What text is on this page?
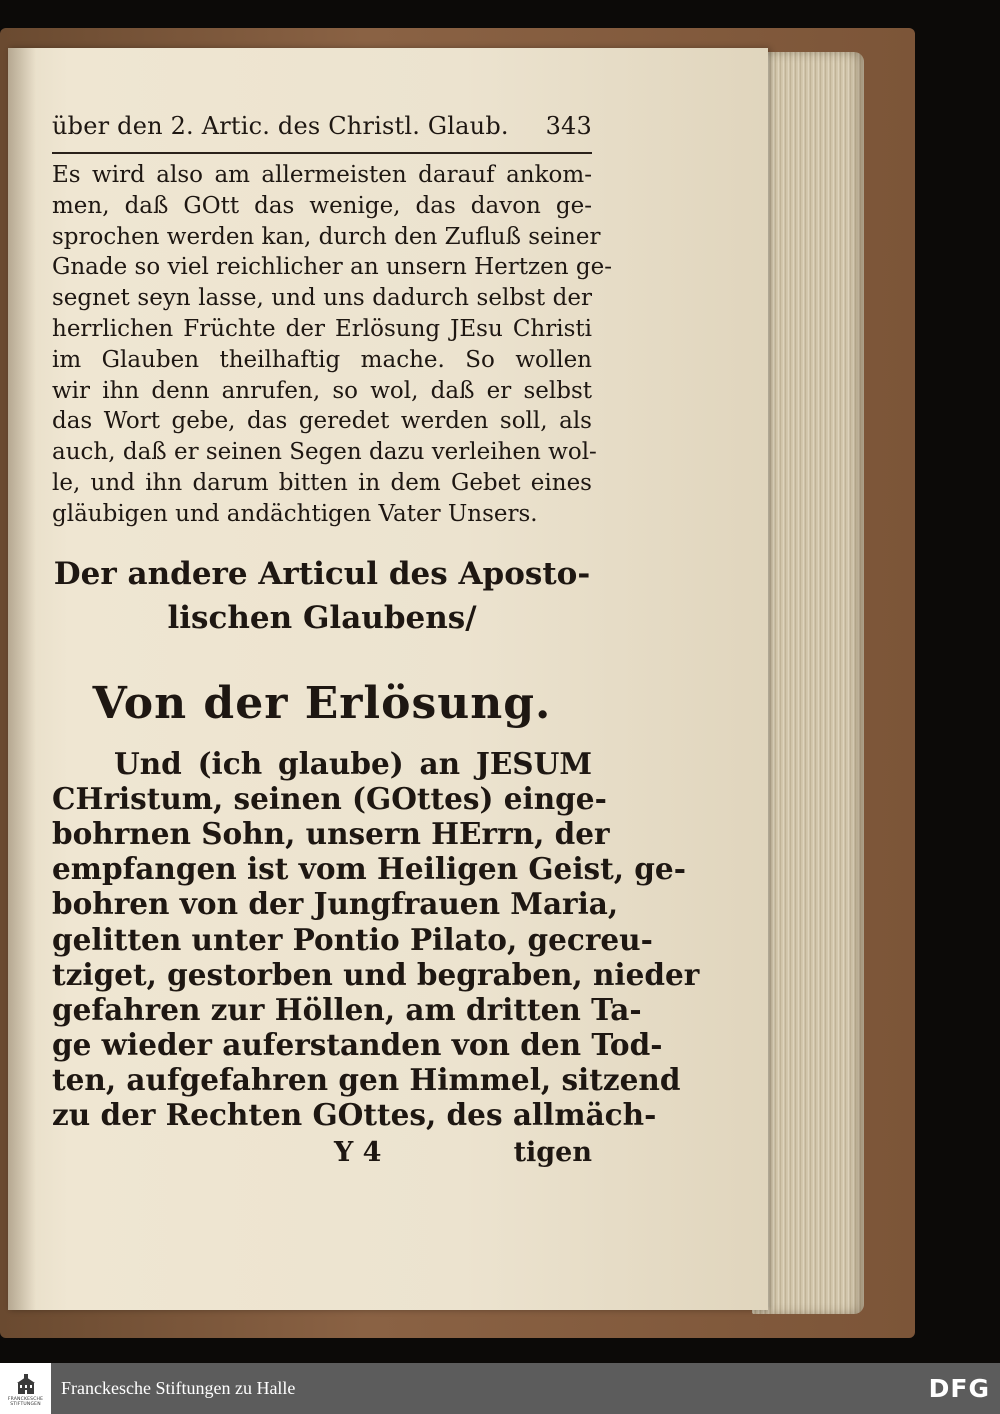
über den 2. Artic. des Christl. Glaub. 343
Es wird also am allermeisten darauf ankom-
men, daß GOtt das wenige, das davon ge-
sprochen werden kan, durch den Zufluß seiner
Gnade so viel reichlicher an unsern Hertzen ge-
segnet seyn lasse, und uns dadurch selbst der
herrlichen Früchte der Erlösung JEsu Christi
im Glauben theilhaftig mache. So wollen
wir ihn denn anrufen, so wol, daß er selbst
das Wort gebe, das geredet werden soll, als
auch, daß er seinen Segen dazu verleihen wol-
le, und ihn darum bitten in dem Gebet eines
gläubigen und andächtigen Vater Unsers.
Der andere Articul des Aposto-
lischen Glaubens/
Von der Erlösung.
Und (ich glaube) an JESUM
CHristum, seinen (GOttes) einge-
bohrnen Sohn, unsern HErrn, der
empfangen ist vom Heiligen Geist, ge-
bohren von der Jungfrauen Maria,
gelitten unter Pontio Pilato, gecreu-
tziget, gestorben und begraben, nieder
gefahren zur Höllen, am dritten Ta-
ge wieder auferstanden von den Tod-
ten, aufgefahren gen Himmel, sitzend
zu der Rechten GOttes, des allmäch-
Y 4	tigen
FRANCKESCHE STIFTUNGEN
Franckesche Stiftungen zu Halle	DFG
